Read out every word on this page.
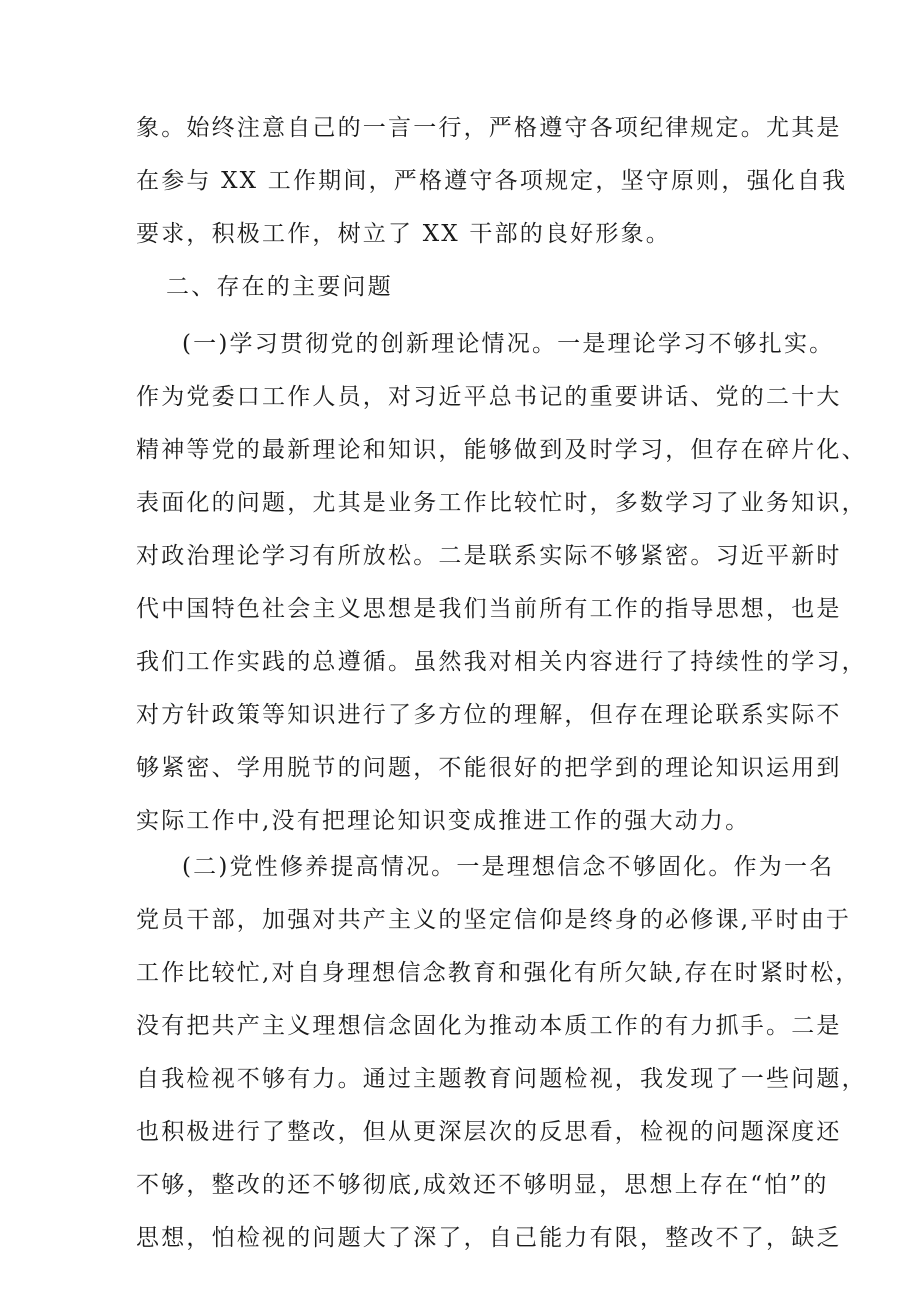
象。始终注意自己的一言一行，严格遵守各项纪律规定。尤其是
在参与 XX 工作期间，严格遵守各项规定，坚守原则，强化自我
要求，积极工作，树立了 XX 干部的良好形象。
二、存在的主要问题
(一)学习贯彻党的创新理论情况。一是理论学习不够扎实。
作为党委口工作人员，对习近平总书记的重要讲话、党的二十大
精神等党的最新理论和知识，能够做到及时学习，但存在碎片化、
表面化的问题，尤其是业务工作比较忙时，多数学习了业务知识，
对政治理论学习有所放松。二是联系实际不够紧密。习近平新时
代中国特色社会主义思想是我们当前所有工作的指导思想，也是
我们工作实践的总遵循。虽然我对相关内容进行了持续性的学习，
对方针政策等知识进行了多方位的理解，但存在理论联系实际不
够紧密、学用脱节的问题，不能很好的把学到的理论知识运用到
实际工作中,没有把理论知识变成推进工作的强大动力。
(二)党性修养提高情况。一是理想信念不够固化。作为一名
党员干部，加强对共产主义的坚定信仰是终身的必修课,平时由于
工作比较忙,对自身理想信念教育和强化有所欠缺,存在时紧时松，
没有把共产主义理想信念固化为推动本质工作的有力抓手。二是
自我检视不够有力。通过主题教育问题检视，我发现了一些问题，
也积极进行了整改，但从更深层次的反思看，检视的问题深度还
不够，整改的还不够彻底,成效还不够明显，思想上存在“怕”的
思想，怕检视的问题大了深了，自己能力有限，整改不了，缺乏
